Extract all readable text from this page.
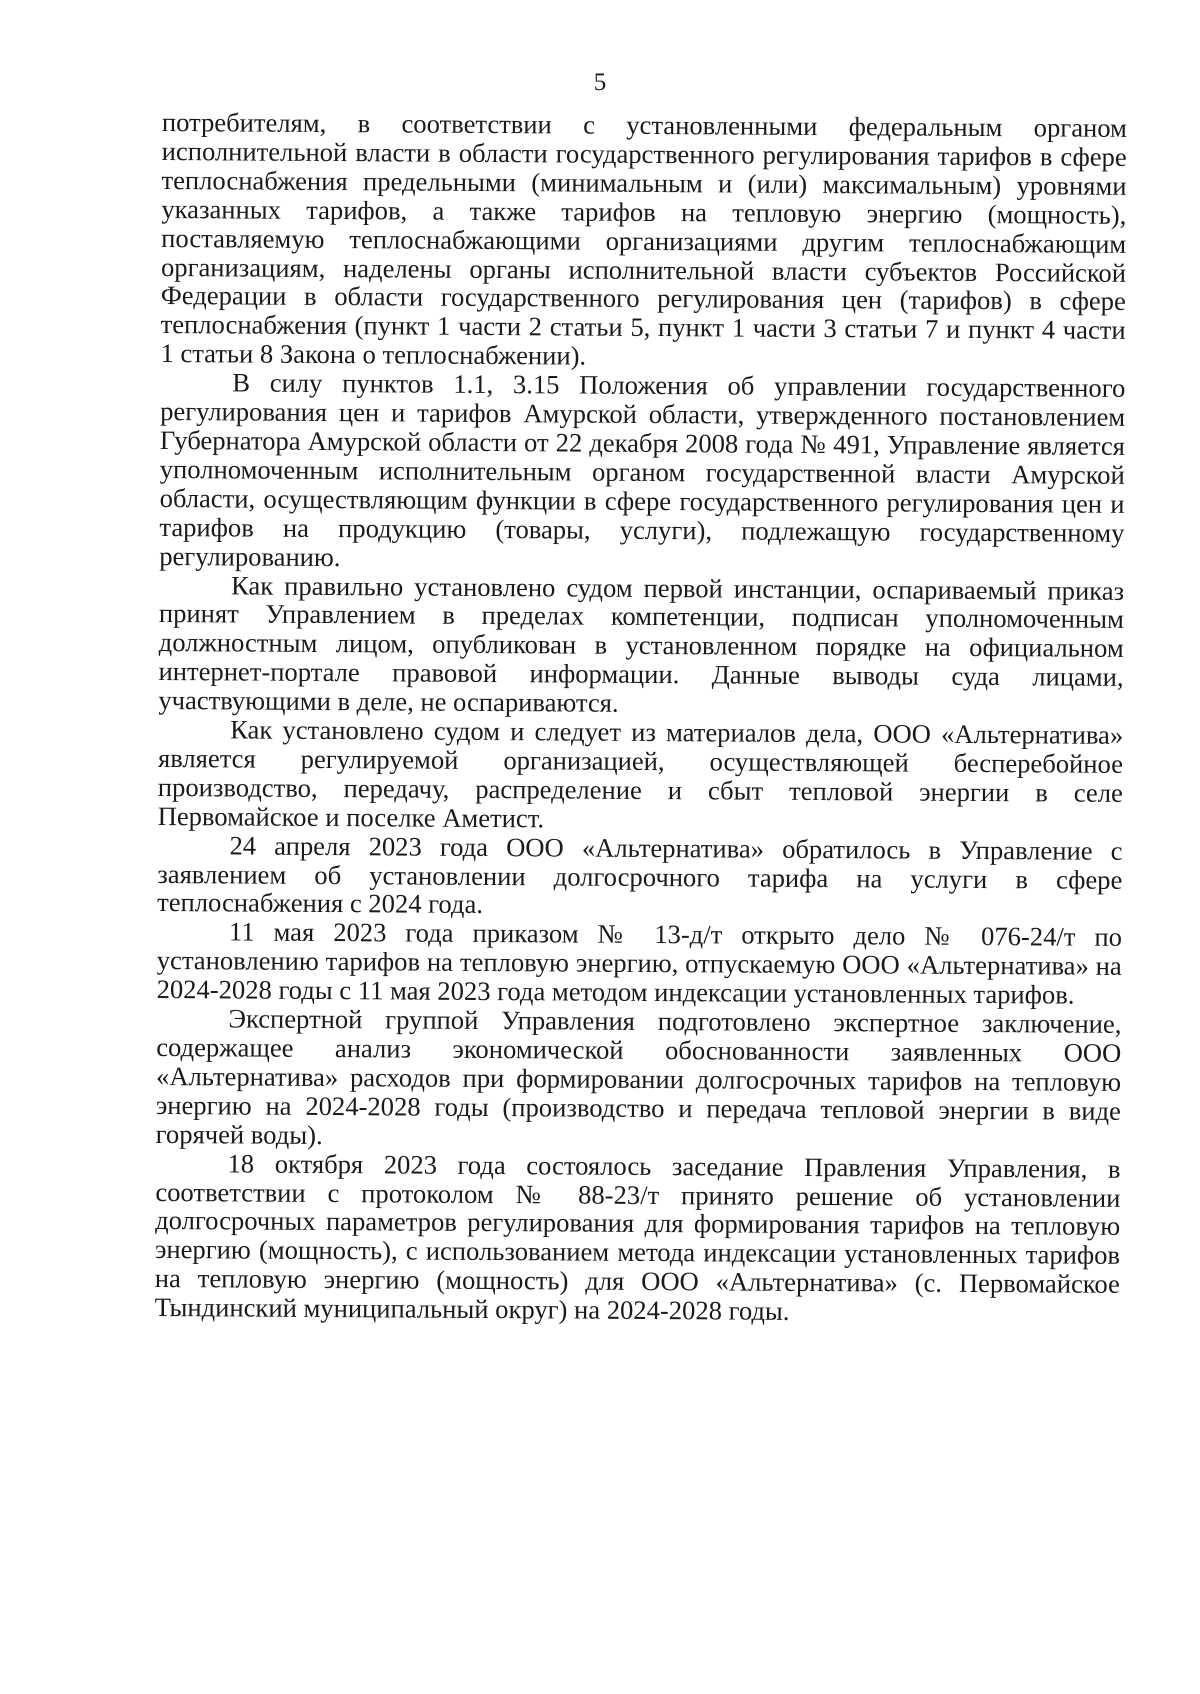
5

потребителям, в соответствии с установленными федеральным органом исполнительной власти в области государственного регулирования тарифов в сфере теплоснабжения предельными (минимальным и (или) максимальным) уровнями указанных тарифов, а также тарифов на тепловую энергию (мощность), поставляемую теплоснабжающими организациями другим теплоснабжающим организациям, наделены органы исполнительной власти субъектов Российской Федерации в области государственного регулирования цен (тарифов) в сфере теплоснабжения (пункт 1 части 2 статьи 5, пункт 1 части 3 статьи 7 и пункт 4 части 1 статьи 8 Закона о теплоснабжении).

В силу пунктов 1.1, 3.15 Положения об управлении государственного регулирования цен и тарифов Амурской области, утвержденного постановлением Губернатора Амурской области от 22 декабря 2008 года № 491, Управление является уполномоченным исполнительным органом государственной власти Амурской области, осуществляющим функции в сфере государственного регулирования цен и тарифов на продукцию (товары, услуги), подлежащую государственному регулированию.

Как правильно установлено судом первой инстанции, оспариваемый приказ принят Управлением в пределах компетенции, подписан уполномоченным должностным лицом, опубликован в установленном порядке на официальном интернет-портале правовой информации. Данные выводы суда лицами, участвующими в деле, не оспариваются.

Как установлено судом и следует из материалов дела, ООО «Альтернатива» является регулируемой организацией, осуществляющей бесперебойное производство, передачу, распределение и сбыт тепловой энергии в селе Первомайское и поселке Аметист.

24 апреля 2023 года ООО «Альтернатива» обратилось в Управление с заявлением об установлении долгосрочного тарифа на услуги в сфере теплоснабжения с 2024 года.

11 мая 2023 года приказом № 13-д/т открыто дело № 076-24/т по установлению тарифов на тепловую энергию, отпускаемую ООО «Альтернатива» на 2024-2028 годы с 11 мая 2023 года методом индексации установленных тарифов.

Экспертной группой Управления подготовлено экспертное заключение, содержащее анализ экономической обоснованности заявленных ООО «Альтернатива» расходов при формировании долгосрочных тарифов на тепловую энергию на 2024-2028 годы (производство и передача тепловой энергии в виде горячей воды).

18 октября 2023 года состоялось заседание Правления Управления, в соответствии с протоколом № 88-23/т принято решение об установлении долгосрочных параметров регулирования для формирования тарифов на тепловую энергию (мощность), с использованием метода индексации установленных тарифов на тепловую энергию (мощность) для ООО «Альтернатива» (с. Первомайское Тындинский муниципальный округ) на 2024-2028 годы.
